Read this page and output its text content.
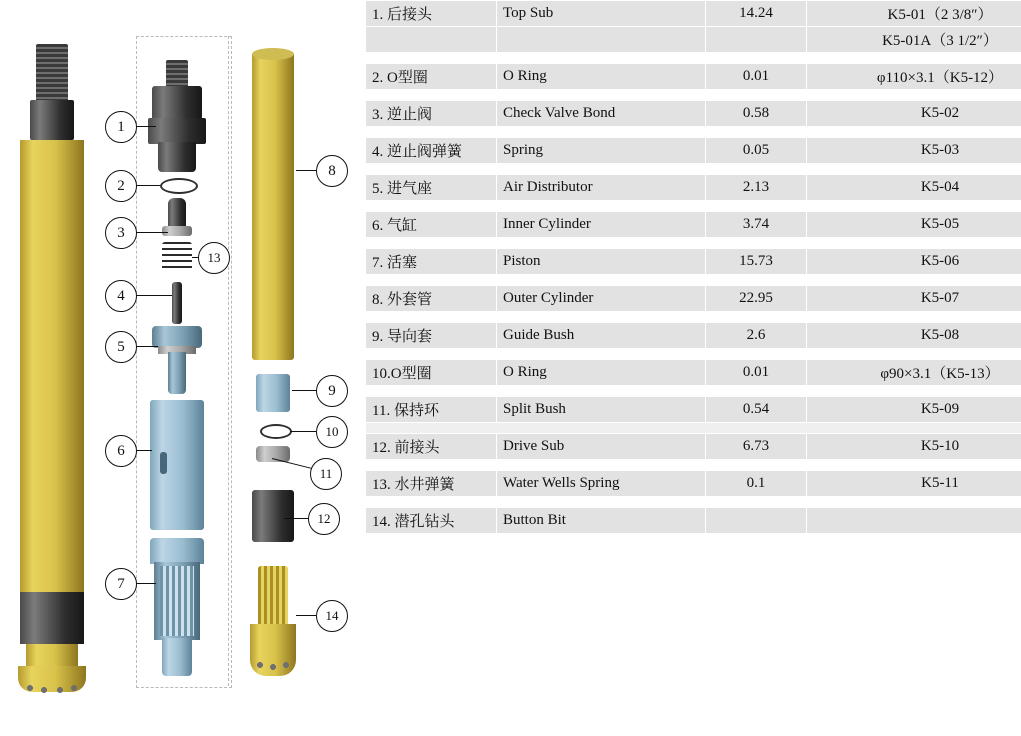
1
2
3
4
5
6
7
8
9
10
11
12
13
14
1. 后接头	Top Sub	14.24	K5-01（2 3/8″）
			K5-01A（3 1/2″）

2. O型圈	O Ring	0.01	φ110×3.1（K5-12）

3. 逆止阀	Check Valve Bond	0.58	K5-02

4. 逆止阀弹簧	Spring	0.05	K5-03

5. 进气座	Air Distributor	2.13	K5-04

6. 气缸	Inner Cylinder	3.74	K5-05

7. 活塞	Piston	15.73	K5-06

8. 外套管	Outer Cylinder	22.95	K5-07

9. 导向套	Guide Bush	2.6	K5-08

10.O型圈	O Ring	0.01	φ90×3.1（K5-13）

11. 保持环	Split Bush	0.54	K5-09

12. 前接头	Drive Sub	6.73	K5-10

13. 水井弹簧	Water Wells Spring	0.1	K5-11

14. 潜孔钻头	Button Bit		
